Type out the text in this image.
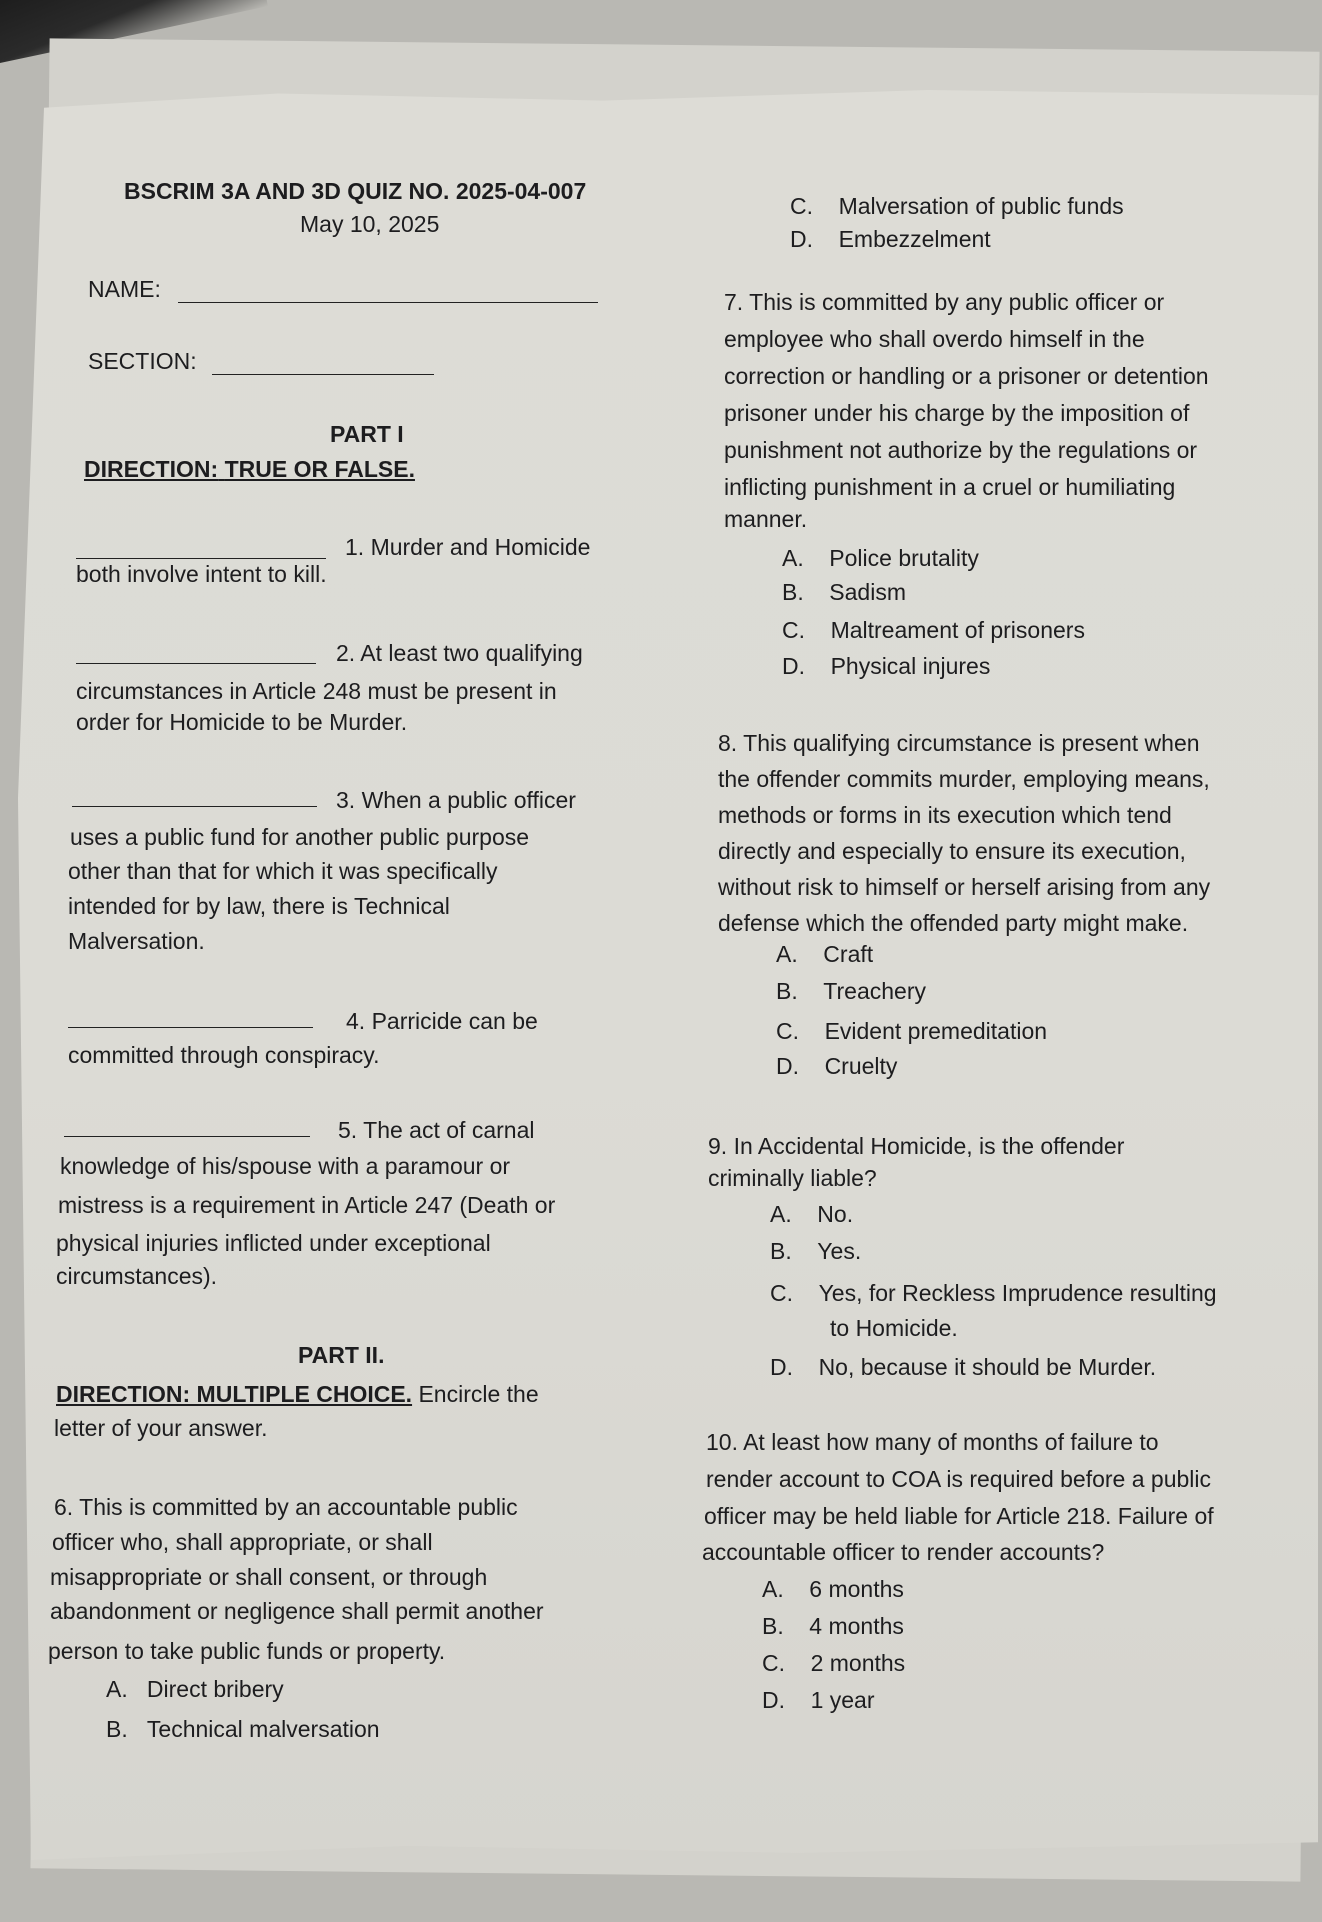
BSCRIM 3A AND 3D QUIZ NO. 2025-04-007
May 10, 2025
NAME:
SECTION:
PART I
DIRECTION: TRUE OR FALSE.
1. Murder and Homicide
both involve intent to kill.
2. At least two qualifying
circumstances in Article 248 must be present in
order for Homicide to be Murder.
3. When a public officer
uses a public fund for another public purpose
other than that for which it was specifically
intended for by law, there is Technical
Malversation.
4. Parricide can be
committed through conspiracy.
5. The act of carnal
knowledge of his/spouse with a paramour or
mistress is a requirement in Article 247 (Death or
physical injuries inflicted under exceptional
circumstances).
PART II.
DIRECTION: MULTIPLE CHOICE. Encircle the
letter of your answer.
6. This is committed by an accountable public
officer who, shall appropriate, or shall
misappropriate or shall consent, or through
abandonment or negligence shall permit another
person to take public funds or property.
A. Direct bribery
B. Technical malversation
C. Malversation of public funds
D. Embezzelment
7. This is committed by any public officer or
employee who shall overdo himself in the
correction or handling or a prisoner or detention
prisoner under his charge by the imposition of
punishment not authorize by the regulations or
inflicting punishment in a cruel or humiliating
manner.
A. Police brutality
B. Sadism
C. Maltreament of prisoners
D. Physical injures
8. This qualifying circumstance is present when
the offender commits murder, employing means,
methods or forms in its execution which tend
directly and especially to ensure its execution,
without risk to himself or herself arising from any
defense which the offended party might make.
A. Craft
B. Treachery
C. Evident premeditation
D. Cruelty
9. In Accidental Homicide, is the offender
criminally liable?
A. No.
B. Yes.
C. Yes, for Reckless Imprudence resulting
to Homicide.
D. No, because it should be Murder.
10. At least how many of months of failure to
render account to COA is required before a public
officer may be held liable for Article 218. Failure of
accountable officer to render accounts?
A. 6 months
B. 4 months
C. 2 months
D. 1 year
